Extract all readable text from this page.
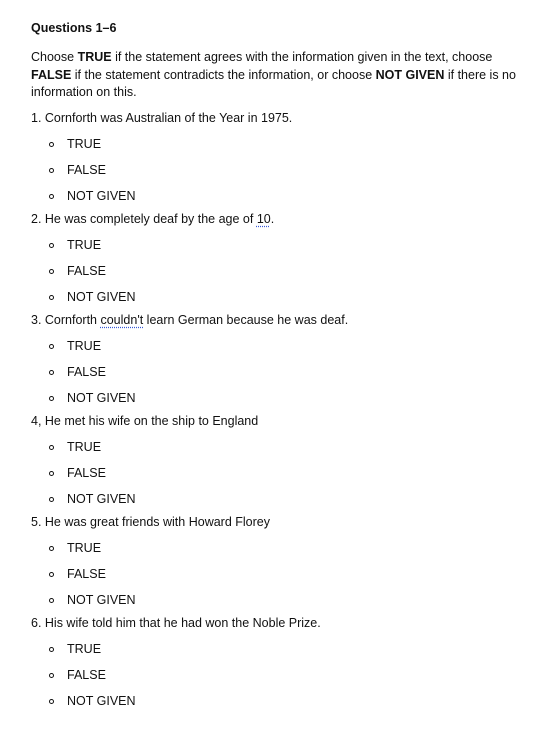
Questions 1–6

Choose TRUE if the statement agrees with the information given in the text, choose FALSE if the statement contradicts the information, or choose NOT GIVEN if there is no information on this.

1. Cornforth was Australian of the Year in 1975.

TRUE
FALSE
NOT GIVEN

2. He was completely deaf by the age of 10.

TRUE
FALSE
NOT GIVEN

3. Cornforth couldn't learn German because he was deaf.

TRUE
FALSE
NOT GIVEN

4, He met his wife on the ship to England

TRUE
FALSE
NOT GIVEN

5. He was great friends with Howard Florey

TRUE
FALSE
NOT GIVEN

6. His wife told him that he had won the Noble Prize.

TRUE
FALSE
NOT GIVEN
